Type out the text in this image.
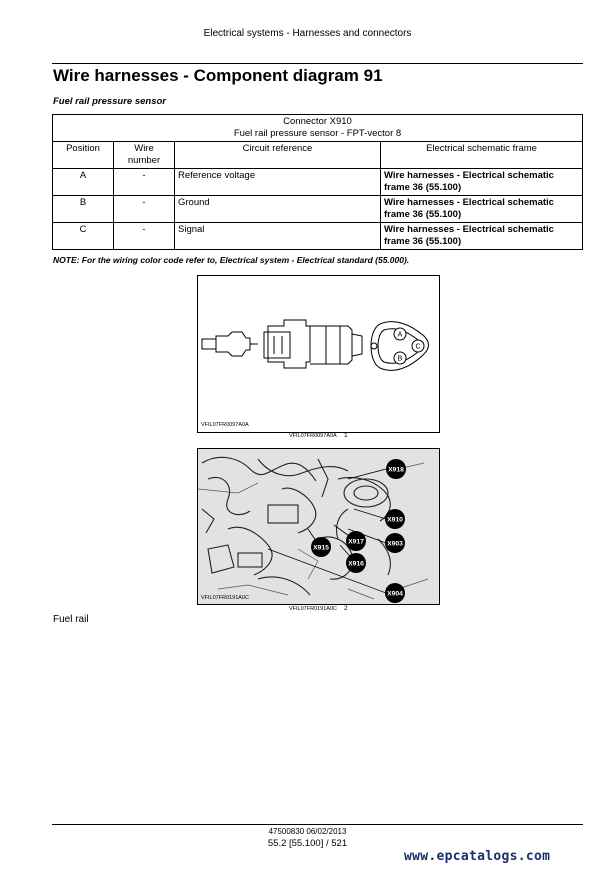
Electrical systems - Harnesses and connectors
Wire harnesses - Component diagram 91
Fuel rail pressure sensor
Connector X910
Fuel rail pressure sensor - FPT-vector 8			

Position	Wire number	Circuit reference	Electrical schematic frame
A	-	Reference voltage	Wire harnesses - Electrical schematic frame 36 (55.100)
B	-	Ground	Wire harnesses - Electrical schematic frame 36 (55.100)
C	-	Signal	Wire harnesses - Electrical schematic frame 36 (55.100)
NOTE: For the wiring color code refer to, Electrical system - Electrical standard (55.000).
A
B
C
VFIL07FR0097A0A
VFIL07FR0097A0A 1
X918
X910
X903
X917
X915
X916
X904
VFIL07FR0191A0C
VFIL07FR0191A0C 2
Fuel rail
47500830 06/02/2013
55.2 [55.100] / 521
www.epcatalogs.com
